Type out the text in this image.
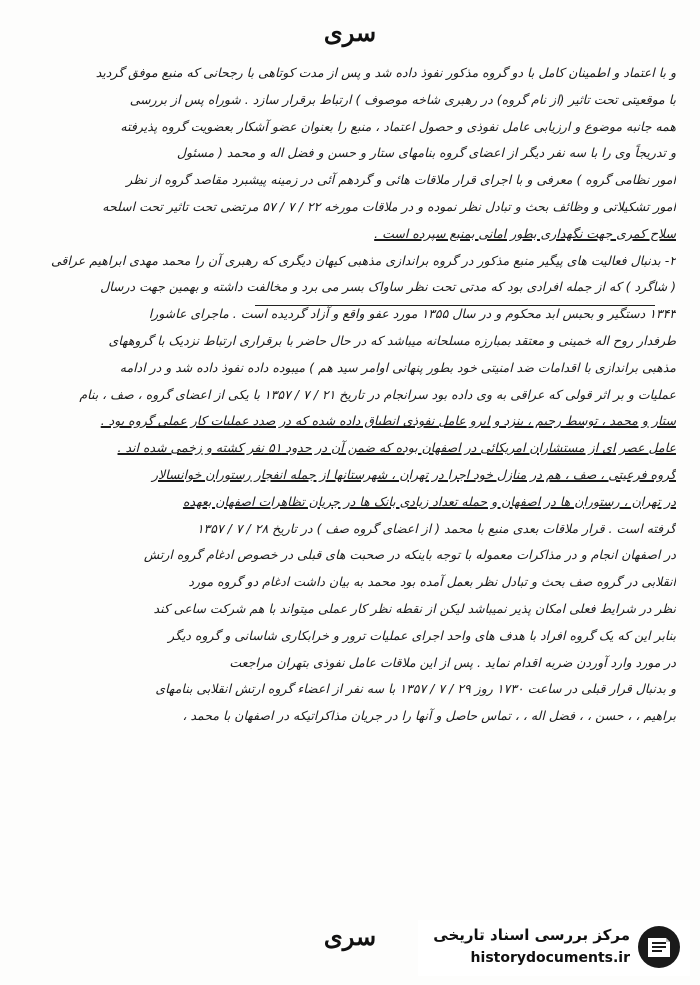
سری
و با اعتماد و اطمینان کامل با دو گروه مذکور نفوذ داده شد و پس از مدت کوتاهی با رجحانی که منبع موفق گردید
با موقعیتی تحت تاثیر (از نام گروه) در رهبری شاخه موصوف ) ارتباط برقرار سازد . شوراه پس از بررسی
همه جانبه موضوع و ارزیابی عامل نفوذی و حصول اعتماد ، منبع را بعنوان عضو آشکار بعضویت گروه پذیرفته
و تدریجاً وی را با سه نفر دیگر از اعضای گروه بنامهای ستار و حسن و فضل اله و محمد ( مسئول
امور نظامی گروه ) معرفی و با اجرای قرار ملاقات هائی و گردهم آئی در زمینه پیشبرد مقاصد گروه از نظر
امور تشکیلاتی و وظائف بحث و تبادل نظر نموده و در ملاقات مورخه ۲۲ / ۷ / ۵۷ مرتضی تحت تاثیر تحت اسلحه
سلاح کمری جهت نگهداری بطور امانی بمنبع سپرده است .
۲- بدنبال فعالیت های پیگیر منبع مذکور در گروه براندازی مذهبی کیهان دیگری که رهبری آن را محمد مهدی ابراهیم عراقی
( شاگرد ) که از جمله افرادی بود که مدتی تحت نظر ساواک بسر می برد و مخالفت داشته و بهمین جهت درسال
۱۳۴۳ دستگیر و بحبس ابد محکوم و در سال ۱۳۵۵ مورد عفو واقع و آزاد گردیده است . ماجرای عاشورا
طرفدار روح اله خمینی و معتقد بمبارزه مسلحانه میباشد که در حال حاضر با برقراری ارتباط نزدیک با گروههای
مذهبی براندازی با اقدامات ضد امنیتی خود بطور پنهانی اوامر سید هم ) میبوده داده نفوذ داده شد و در ادامه
عملیات و بر اثر قولی که عراقی به وی داده بود سرانجام در تاریخ ۲۱ / ۷ / ۱۳۵۷ با یکی از اعضای گروه ، صف ، بنام
ستار و محمد ، توسط رحیم ، بنزد و ابرو عامل نفوذی انطباق داده شده که در صدد عملیات کار عملی گروه بود .
عامل عصر ای از مستشاران امریکائی در اصفهان بوده که ضمن آن در حدود ۵۱ نفر کشته و زخمی شده اند .
گروه فرعیتی ، صف ، هم در منازل خود اجرا در تهران ، شهرستانها از جمله انفجار رستوران خوانسالار
در تهران ، رستوران ها در اصفهان و حمله تعداد زیادی بانک ها در جریان تظاهرات اصفهان بعهده
گرفته است . قرار ملاقات بعدی منبع با محمد ( از اعضای گروه صف ) در تاریخ ۲۸ / ۷ / ۱۳۵۷
در اصفهان انجام و در مذاکرات معموله با توجه باینکه در صحبت های قبلی در خصوص ادغام گروه ارتش
انقلابی در گروه صف بحث و تبادل نظر بعمل آمده بود محمد به بیان داشت ادغام دو گروه مورد
نظر در شرایط فعلی امکان پذیر نمیباشد لیکن از نقطه نظر کار عملی میتواند با هم شرکت ساعی کند
بنابر این که یک گروه افراد با هدف های واحد اجرای عملیات ترور و خرابکاری شاسانی و گروه دیگر
در مورد وارد آوردن ضربه اقدام نماید . پس از این ملاقات عامل نفوذی بتهران مراجعت
و بدنبال قرار قبلی در ساعت ۱۷۳۰ روز ۲۹ / ۷ / ۱۳۵۷ با سه نفر از اعضاء گروه ارتش انقلابی بنامهای
براهیم ، ، حسن ، ، فضل اله ، ، تماس حاصل و آنها را در جریان مذاکراتیکه در اصفهان با محمد ،
سری	مرکز بررسی اسناد تاریخی
historydocuments.ir
